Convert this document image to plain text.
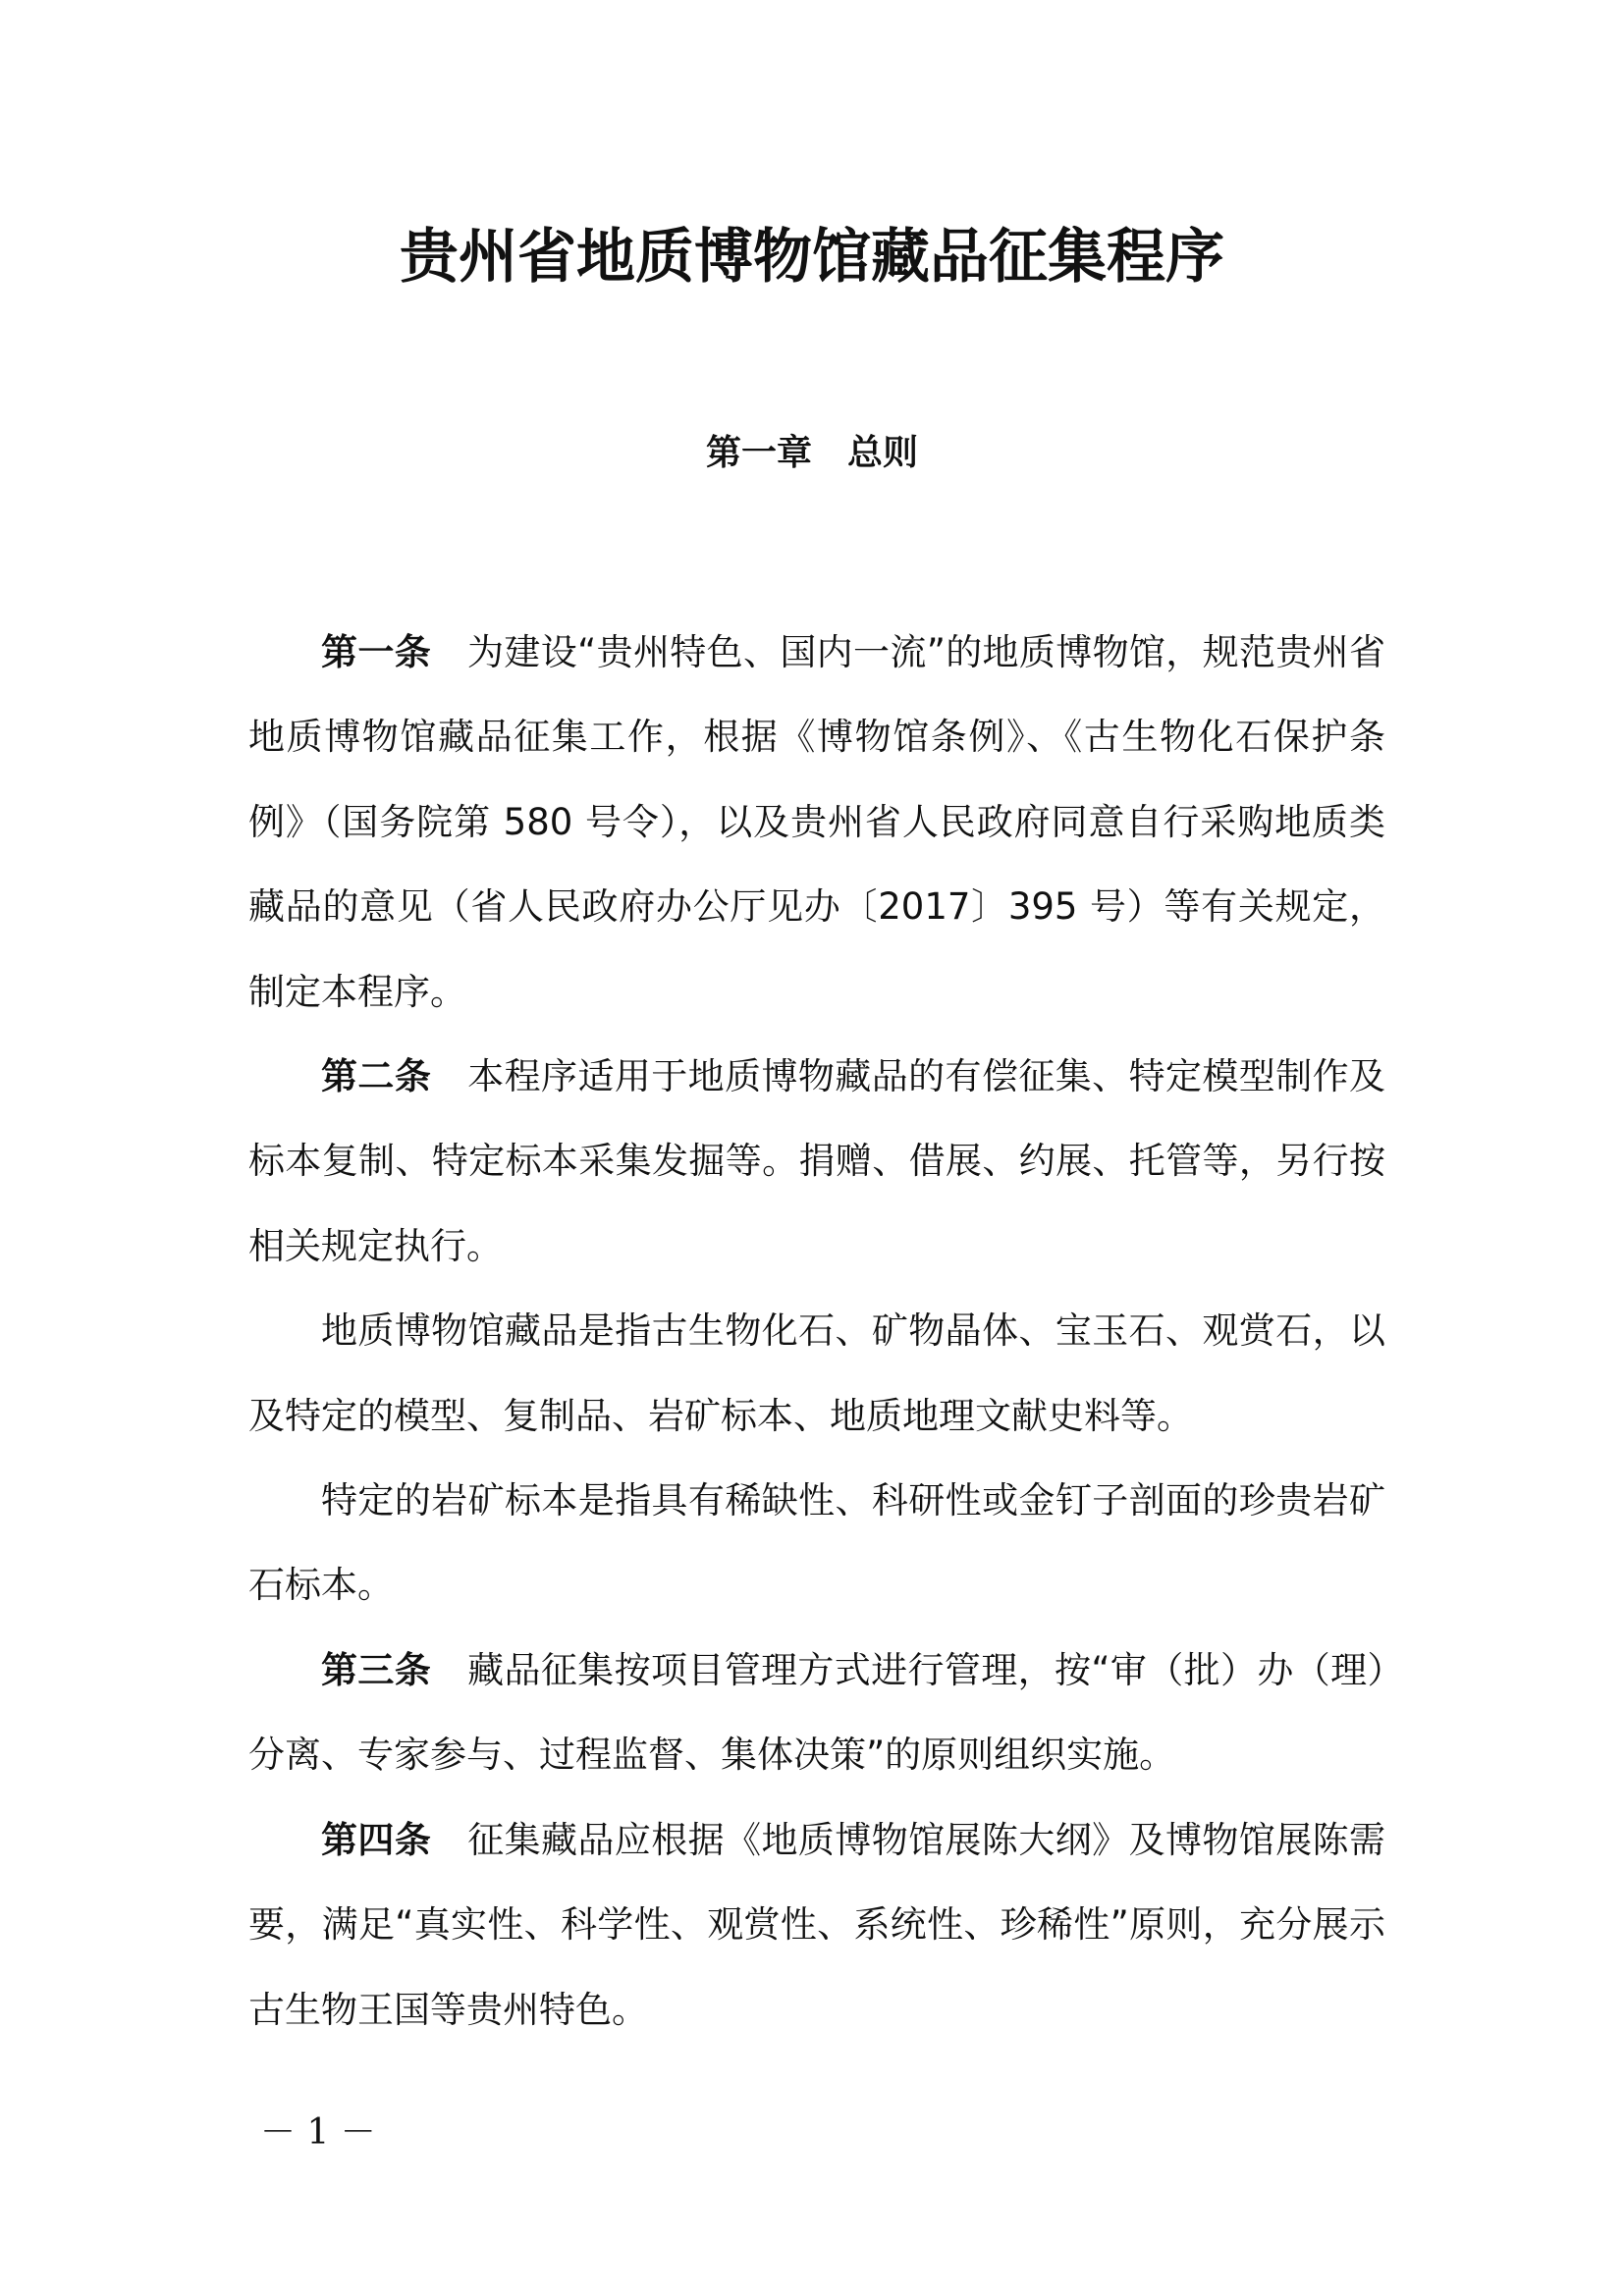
贵州省地质博物馆藏品征集程序
第一章　总则

第一条 为建设“贵州特色、国内一流”的地质博物馆，规范贵州省地质博物馆藏品征集工作，根据《博物馆条例》、《古生物化石保护条例》（国务院第 580 号令），以及贵州省人民政府同意自行采购地质类藏品的意见（省人民政府办公厅见办〔2017〕395 号）等有关规定，制定本程序。

第二条 本程序适用于地质博物藏品的有偿征集、特定模型制作及标本复制、特定标本采集发掘等。捐赠、借展、约展、托管等，另行按相关规定执行。

地质博物馆藏品是指古生物化石、矿物晶体、宝玉石、观赏石，以及特定的模型、复制品、岩矿标本、地质地理文献史料等。

特定的岩矿标本是指具有稀缺性、科研性或金钉子剖面的珍贵岩矿石标本。

第三条 藏品征集按项目管理方式进行管理，按“审（批）办（理）分离、专家参与、过程监督、集体决策”的原则组织实施。

第四条 征集藏品应根据《地质博物馆展陈大纲》及博物馆展陈需要，满足“真实性、科学性、观赏性、系统性、珍稀性”原则，充分展示古生物王国等贵州特色。

－ 1 －
